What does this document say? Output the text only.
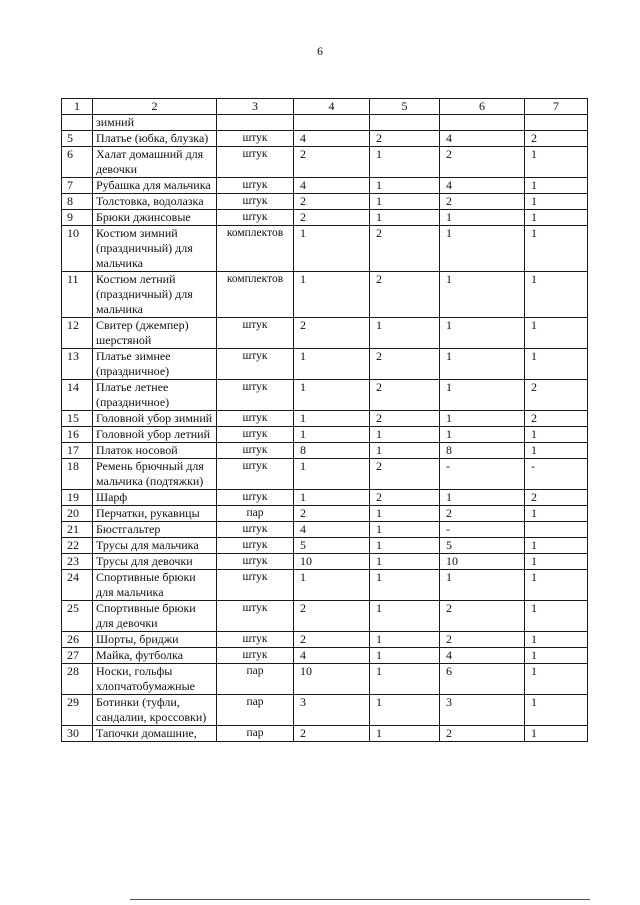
6
1	2	3	4	5	6	7
	зимний					
5	Платье (юбка, блузка)	штук	4	2	4	2
6	Халат домашний для девочки	штук	2	1	2	1
7	Рубашка для мальчика	штук	4	1	4	1
8	Толстовка, водолазка	штук	2	1	2	1
9	Брюки джинсовые	штук	2	1	1	1
10	Костюм зимний (праздничный) для мальчика	комплектов	1	2	1	1
11	Костюм летний (праздничный) для мальчика	комплектов	1	2	1	1
12	Свитер (джемпер) шерстяной	штук	2	1	1	1
13	Платье зимнее (праздничное)	штук	1	2	1	1
14	Платье летнее (праздничное)	штук	1	2	1	2
15	Головной убор зимний	штук	1	2	1	2
16	Головной убор летний	штук	1	1	1	1
17	Платок носовой	штук	8	1	8	1
18	Ремень брючный для мальчика (подтяжки)	штук	1	2	-	-
19	Шарф	штук	1	2	1	2
20	Перчатки, рукавицы	пар	2	1	2	1
21	Бюстгальтер	штук	4	1	-	
22	Трусы для мальчика	штук	5	1	5	1
23	Трусы для девочки	штук	10	1	10	1
24	Спортивные брюки для мальчика	штук	1	1	1	1
25	Спортивные брюки для девочки	штук	2	1	2	1
26	Шорты, бриджи	штук	2	1	2	1
27	Майка, футболка	штук	4	1	4	1
28	Носки, гольфы хлопчатобумажные	пар	10	1	6	1
29	Ботинки (туфли, сандалии, кроссовки)	пар	3	1	3	1
30	Тапочки домашние,	пар	2	1	2	1
